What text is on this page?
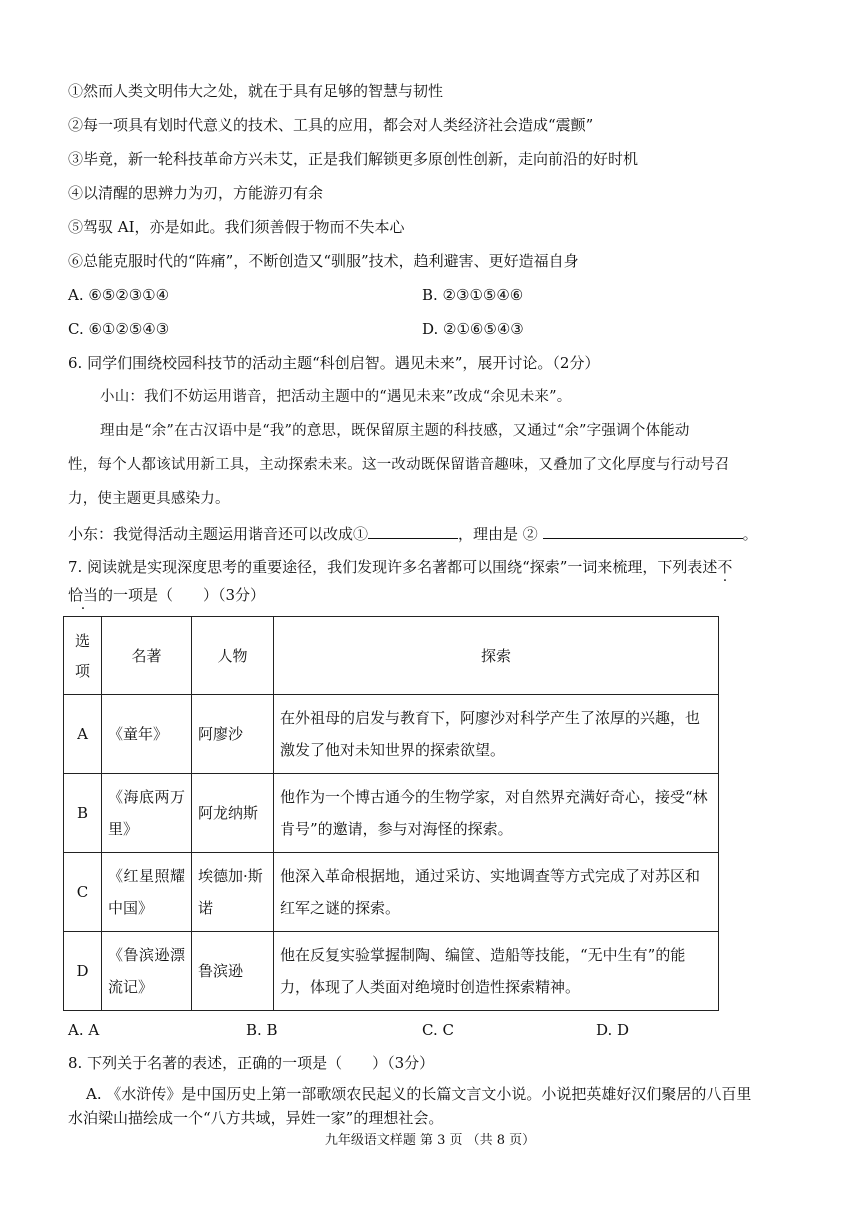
①然而人类文明伟大之处，就在于具有足够的智慧与韧性
②每一项具有划时代意义的技术、工具的应用，都会对人类经济社会造成“震颤”
③毕竟，新一轮科技革命方兴未艾，正是我们解锁更多原创性创新，走向前沿的好时机
④以清醒的思辨力为刃，方能游刃有余
⑤驾驭 AI，亦是如此。我们须善假于物而不失本心
⑥总能克服时代的“阵痛”，不断创造又“驯服”技术，趋利避害、更好造福自身
A. ⑥⑤②③①④	B. ②③①⑤④⑥
C. ⑥①②⑤④③	D. ②①⑥⑤④③
6. 同学们围绕校园科技节的活动主题“科创启智。遇见未来”，展开讨论。（2分）
小山：我们不妨运用谐音，把活动主题中的“遇见未来”改成“余见未来”。
理由是“余”在古汉语中是“我”的意思，既保留原主题的科技感，又通过“余”字强调个体能动
性，每个人都该试用新工具，主动探索未来。这一改动既保留谐音趣味，又叠加了文化厚度与行动号召
力，使主题更具感染力。
小东：我觉得活动主题运用谐音还可以改成①	，理由是 ②	。
7. 阅读就是实现深度思考的重要途径，我们发现许多名著都可以围绕“探索”一词来梳理，下列表述不
恰当的一项是（　　）（3分）
选项	名著	人物	探索
A	《童年》	阿廖沙	在外祖母的启发与教育下，阿廖沙对科学产生了浓厚的兴趣，也激发了他对未知世界的探索欲望。
B	《海底两万里》	阿龙纳斯	他作为一个博古通今的生物学家，对自然界充满好奇心，接受“林肯号”的邀请，参与对海怪的探索。
C	《红星照耀中国》	埃德加·斯诺	他深入革命根据地，通过采访、实地调查等方式完成了对苏区和红军之谜的探索。
D	《鲁滨逊漂流记》	鲁滨逊	他在反复实验掌握制陶、编筐、造船等技能，“无中生有”的能力，体现了人类面对绝境时创造性探索精神。
A. A	B. B	C. C	D. D
8. 下列关于名著的表述，正确的一项是（　　）（3分）
A. 《水浒传》是中国历史上第一部歌颂农民起义的长篇文言文小说。小说把英雄好汉们聚居的八百里
水泊梁山描绘成一个“八方共域，异姓一家”的理想社会。
九年级语文样题 第 3 页 （共 8 页）
